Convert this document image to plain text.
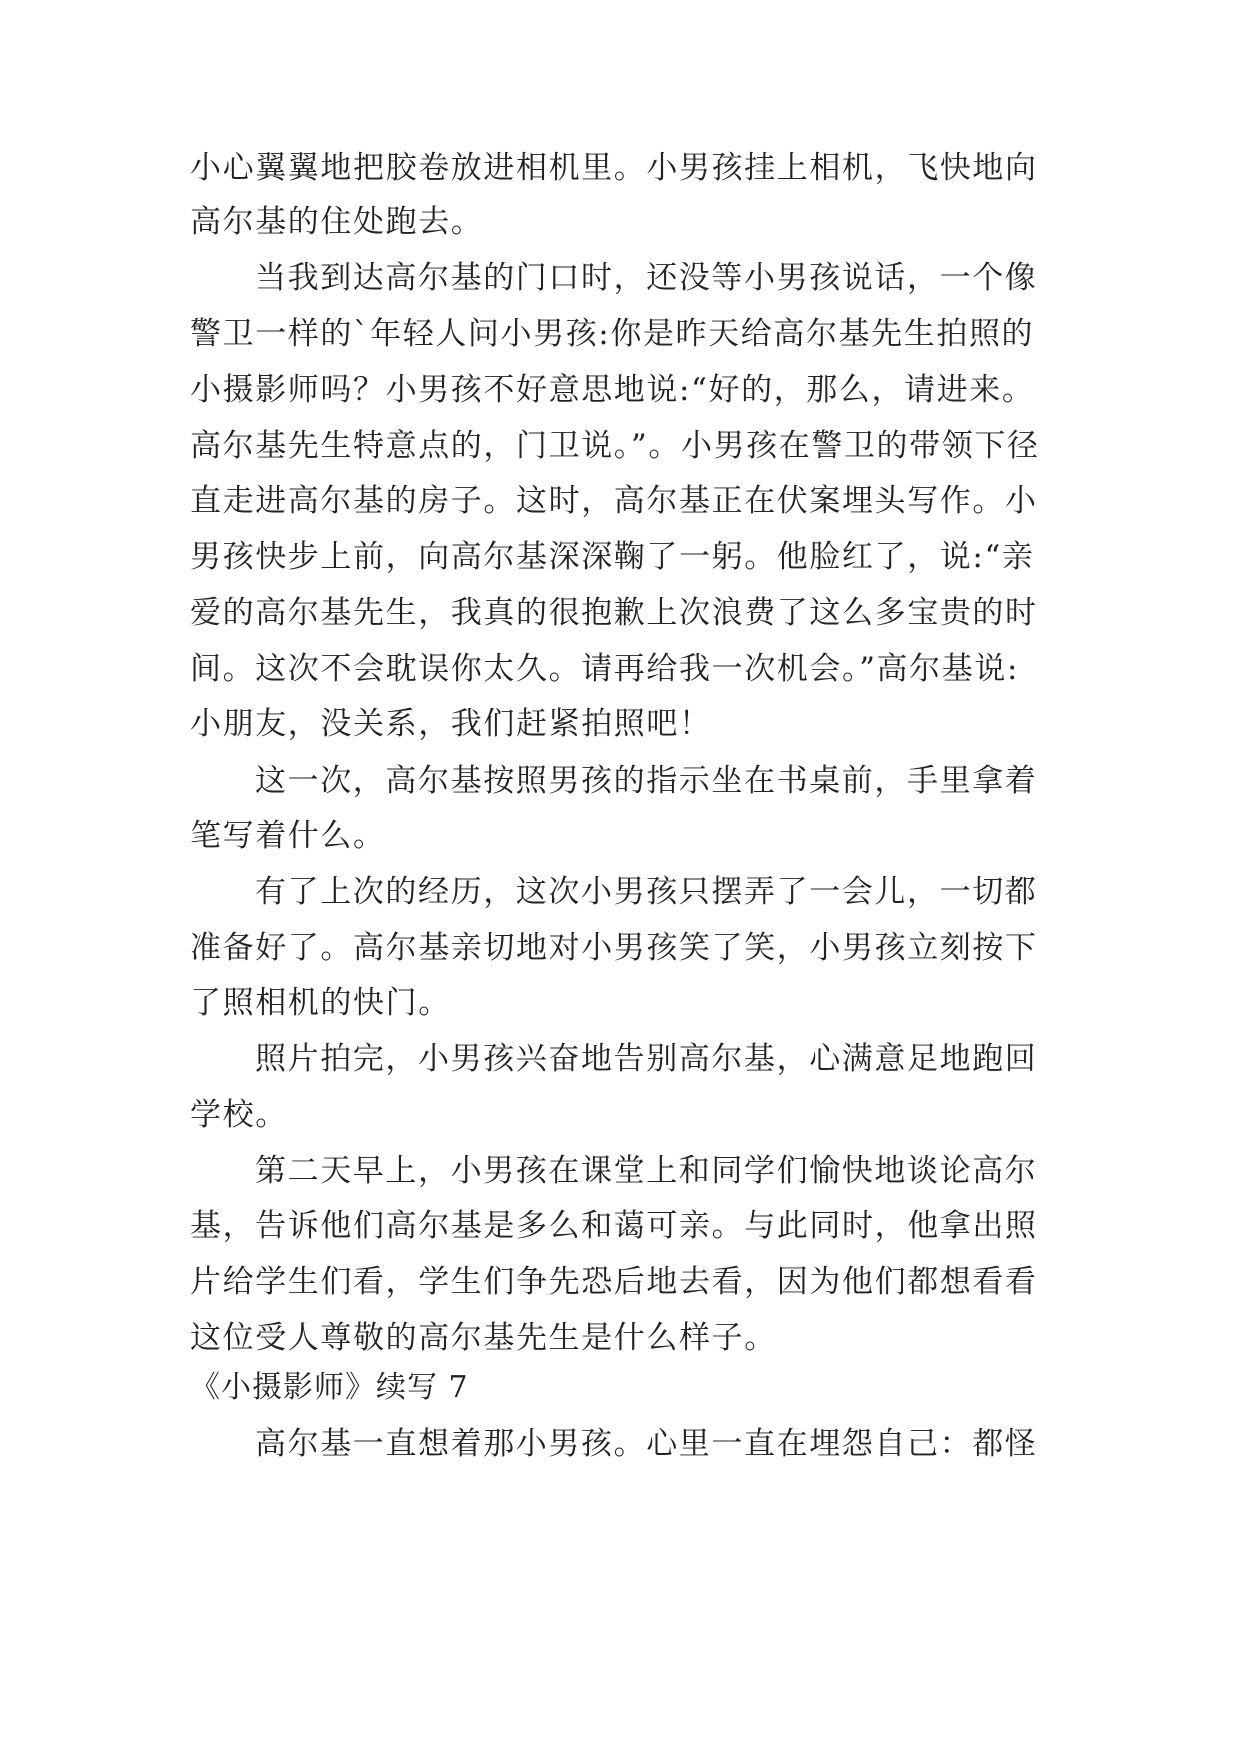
小心翼翼地把胶卷放进相机里。小男孩挂上相机，飞快地向
高尔基的住处跑去。
当我到达高尔基的门口时，还没等小男孩说话，一个像
警卫一样的`年轻人问小男孩:你是昨天给高尔基先生拍照的
小摄影师吗？小男孩不好意思地说:“好的，那么，请进来。
高尔基先生特意点的，门卫说。”。小男孩在警卫的带领下径
直走进高尔基的房子。这时，高尔基正在伏案埋头写作。小
男孩快步上前，向高尔基深深鞠了一躬。他脸红了，说:“亲
爱的高尔基先生，我真的很抱歉上次浪费了这么多宝贵的时
间。这次不会耽误你太久。请再给我一次机会。”高尔基说:
小朋友，没关系，我们赶紧拍照吧！
这一次，高尔基按照男孩的指示坐在书桌前，手里拿着
笔写着什么。
有了上次的经历，这次小男孩只摆弄了一会儿，一切都
准备好了。高尔基亲切地对小男孩笑了笑，小男孩立刻按下
了照相机的快门。
照片拍完，小男孩兴奋地告别高尔基，心满意足地跑回
学校。
第二天早上，小男孩在课堂上和同学们愉快地谈论高尔
基，告诉他们高尔基是多么和蔼可亲。与此同时，他拿出照
片给学生们看，学生们争先恐后地去看，因为他们都想看看
这位受人尊敬的高尔基先生是什么样子。
《小摄影师》续写 7
高尔基一直想着那小男孩。心里一直在埋怨自己：都怪
